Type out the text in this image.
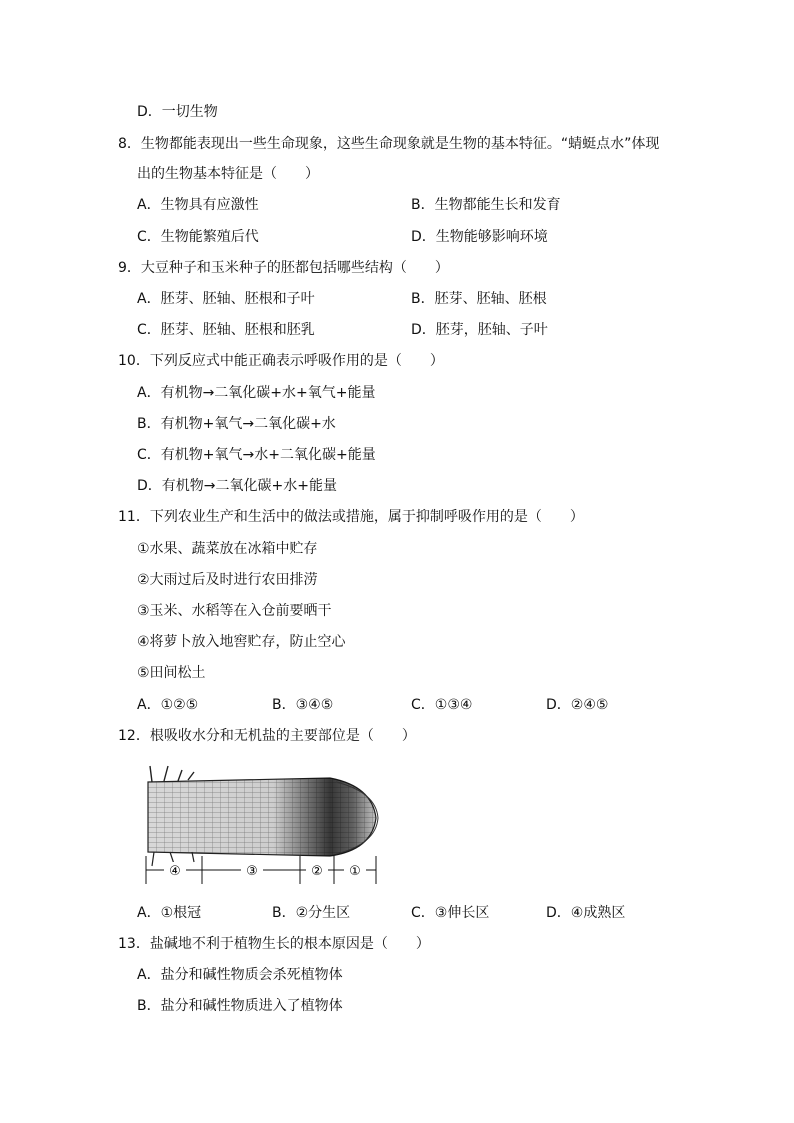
D．一切生物
8．生物都能表现出一些生命现象，这些生命现象就是生物的基本特征。“蜻蜓点水”体现
出的生物基本特征是（　　）
A．生物具有应激性	B．生物都能生长和发育
C．生物能繁殖后代	D．生物能够影响环境
9．大豆种子和玉米种子的胚都包括哪些结构（　　）
A．胚芽、胚轴、胚根和子叶	B．胚芽、胚轴、胚根
C．胚芽、胚轴、胚根和胚乳	D．胚芽，胚轴、子叶
10．下列反应式中能正确表示呼吸作用的是（　　）
A．有机物→二氧化碳+水+氧气+能量
B．有机物+氧气→二氧化碳+水
C．有机物+氧气→水+二氧化碳+能量
D．有机物→二氧化碳+水+能量
11．下列农业生产和生活中的做法或措施，属于抑制呼吸作用的是（　　）
①水果、蔬菜放在冰箱中贮存
②大雨过后及时进行农田排涝
③玉米、水稻等在入仓前要晒干
④将萝卜放入地窖贮存，防止空心
⑤田间松土
A．①②⑤	B．③④⑤	C．①③④	D．②④⑤
12．根吸收水分和无机盐的主要部位是（　　）
④	③	② ①
A．①根冠	B．②分生区	C．③伸长区	D．④成熟区
13．盐碱地不利于植物生长的根本原因是（　　）
A．盐分和碱性物质会杀死植物体
B．盐分和碱性物质进入了植物体
